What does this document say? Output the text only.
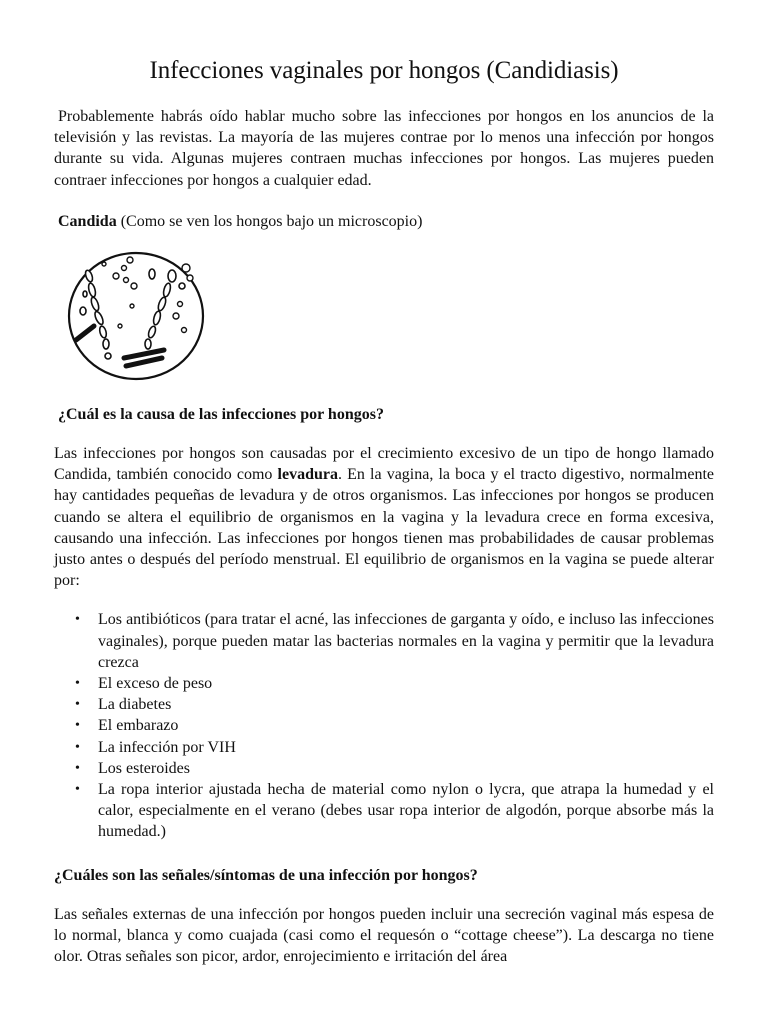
Infecciones vaginales por hongos (Candidiasis)

Probablemente habrás oído hablar mucho sobre las infecciones por hongos en los anuncios de la televisión y las revistas. La mayoría de las mujeres contrae por lo menos una infección por hongos durante su vida. Algunas mujeres contraen muchas infecciones por hongos. Las mujeres pueden contraer infecciones por hongos a cualquier edad.

Candida (Como se ven los hongos bajo un microscopio)

¿Cuál es la causa de las infecciones por hongos?

Las infecciones por hongos son causadas por el crecimiento excesivo de un tipo de hongo llamado Candida, también conocido como levadura. En la vagina, la boca y el tracto digestivo, normalmente hay cantidades pequeñas de levadura y de otros organismos. Las infecciones por hongos se producen cuando se altera el equilibrio de organismos en la vagina y la levadura crece en forma excesiva, causando una infección. Las infecciones por hongos tienen mas probabilidades de causar problemas justo antes o después del período menstrual. El equilibrio de organismos en la vagina se puede alterar por:

• Los antibióticos (para tratar el acné, las infecciones de garganta y oído, e incluso las infecciones vaginales), porque pueden matar las bacterias normales en la vagina y permitir que la levadura crezca
• El exceso de peso
• La diabetes
• El embarazo
• La infección por VIH
• Los esteroides
• La ropa interior ajustada hecha de material como nylon o lycra, que atrapa la humedad y el calor, especialmente en el verano (debes usar ropa interior de algodón, porque absorbe más la humedad.)

¿Cuáles son las señales/síntomas de una infección por hongos?

Las señales externas de una infección por hongos pueden incluir una secreción vaginal más espesa de lo normal, blanca y como cuajada (casi como el requesón o “cottage cheese”). La descarga no tiene olor. Otras señales son picor, ardor, enrojecimiento e irritación del área
